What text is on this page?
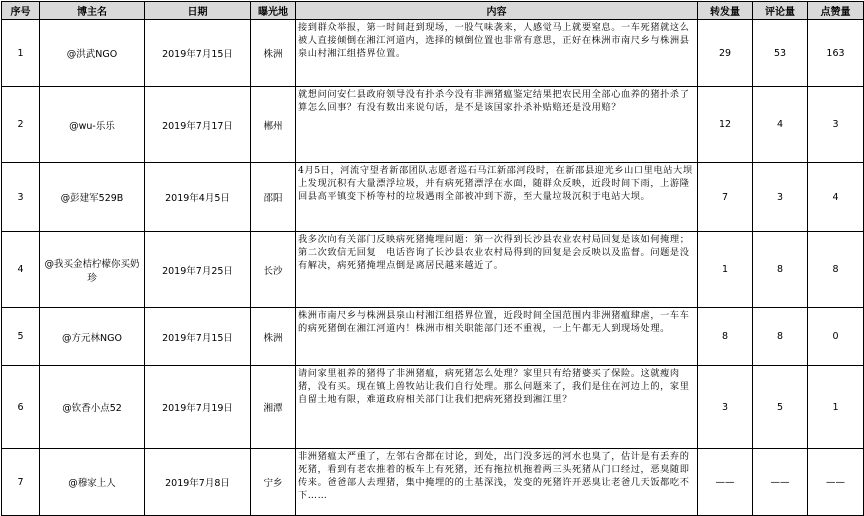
序号	博主名	日期	曝光地	内容	转发量	评论量	点赞量
1	@洪武NGO	2019年7月15日	株洲	接到群众举报，第一时间赶到现场，一股气味袭来，人感觉马上就要窒息。一车死猪就这么被人直接倾倒在湘江河道内，选择的倾倒位置也非常有意思，正好在株洲市南尺乡与株洲县泉山村湘江组搭界位置。	29	53	163
2	@wu-乐乐	2019年7月17日	郴州	就想问问安仁县政府领导没有扑杀今没有非洲猪瘟鉴定结果把农民用全部心血养的猪扑杀了算怎么回事？有没有数出来说句话，是不是该国家扑杀补贴赔还是没用赔？	12	4	3
3	@彭建军529B	2019年4月5日	邵阳	4月5日，河流守望者新邵团队志愿者巡石马江新邵河段时，在新邵县迎光乡山口里电站大坝上发现沉积有大量漂浮垃圾，并有病死猪漂浮在水面，随群众反映，近段时间下雨，上游隆回县高平镇变下桥等村的垃圾遇雨全部被冲到下游，至大量垃圾沉积于电站大坝。	7	3	4
4	@我买金桔柠檬你买奶珍	2019年7月25日	长沙	我多次向有关部门反映病死猪掩埋问题：第一次得到长沙县农业农村局回复是该如何掩理；第二次致信无回复　电话咨询了长沙县农业农村局得到的回复是会反映以及监督。问题是没有解决，病死猪掩埋点倒是离居民越来越近了。	1	8	8
5	@方元林NGO	2019年7月15日	株洲	株洲市南尺乡与株洲县泉山村湘江组搭界位置，近段时间全国范围内非洲猪瘟肆虐，一车车的病死猪倒在湘江河道内！株洲市相关职能部门还不重视，一上午都无人到现场处理。	8	8	0
6	@钦香小点52	2019年7月19日	湘潭	请问家里祖养的猪得了非洲猪瘟，病死猪怎么处理？家里只有给猪婆买了保险。这就瘦肉猪，没有买。现在镇上兽牧站让我们自行处理。那么问题来了，我们是住在河边上的，家里自留土地有限，难道政府相关部门让我们把病死猪投到湘江里？	3	5	1
7	@穆家上人	2019年7月8日	宁乡	非洲猪瘟太严重了，左邻右舍都在讨论，到处，出门没多远的河水也臭了，估计是有丢弃的死猪，看到有老农推着的板车上有死猪，还有拖拉机拖着两三头死猪从门口经过，恶臭随即传来。爸爸部人去理猪，集中掩埋的的土基深浅，发变的死猪许开恶臭让老爸几天饭都吃不下……	——	——	——
